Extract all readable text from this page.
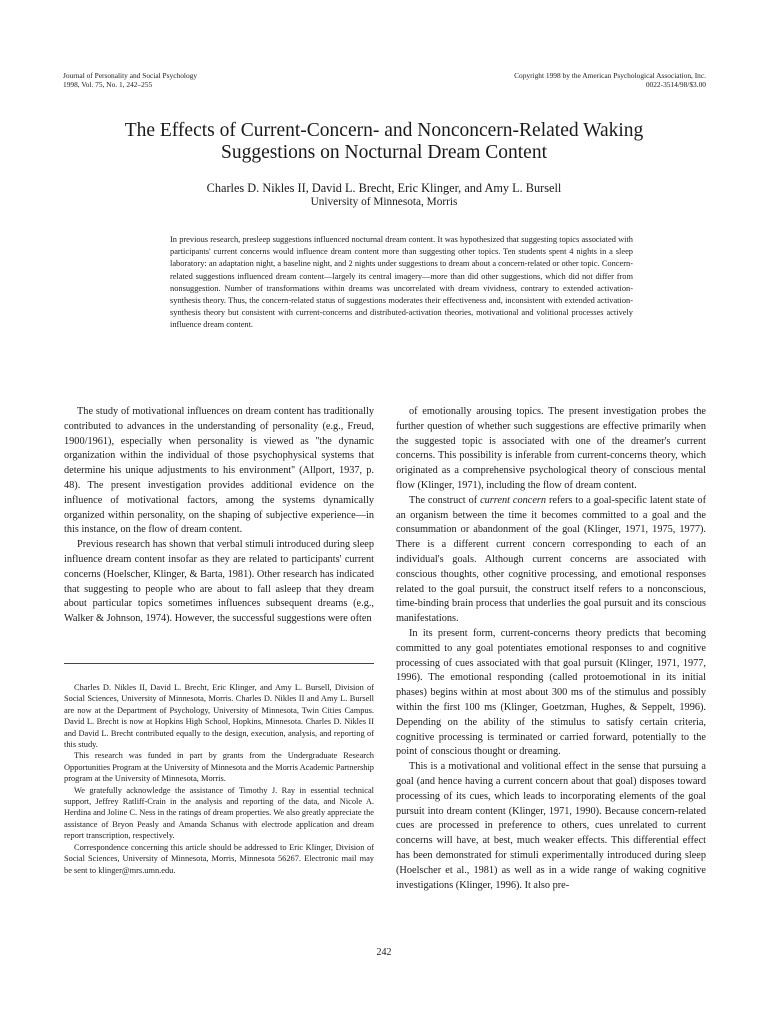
Journal of Personality and Social Psychology
1998, Vol. 75, No. 1, 242–255
Copyright 1998 by the American Psychological Association, Inc.
0022-3514/98/$3.00
The Effects of Current-Concern- and Nonconcern-Related Waking
Suggestions on Nocturnal Dream Content
Charles D. Nikles II, David L. Brecht, Eric Klinger, and Amy L. Bursell
University of Minnesota, Morris

In previous research, presleep suggestions influenced nocturnal dream content. It was hypothesized that suggesting topics associated with participants' current concerns would influence dream content more than suggesting other topics. Ten students spent 4 nights in a sleep laboratory: an adaptation night, a baseline night, and 2 nights under suggestions to dream about a concern-related or other topic. Concern-related suggestions influenced dream content—largely its central imagery—more than did other suggestions, which did not differ from nonsuggestion. Number of transformations within dreams was uncorrelated with dream vividness, contrary to extended activation-synthesis theory. Thus, the concern-related status of suggestions moderates their effectiveness and, inconsistent with extended activation-synthesis theory but consistent with current-concerns and distributed-activation theories, motivational and volitional processes actively influence dream content.

The study of motivational influences on dream content has traditionally contributed to advances in the understanding of personality (e.g., Freud, 1900/1961), especially when personality is viewed as ''the dynamic organization within the individual of those psychophysical systems that determine his unique adjustments to his environment'' (Allport, 1937, p. 48). The present investigation provides additional evidence on the influence of motivational factors, among the systems dynamically organized within personality, on the shaping of subjective experience—in this instance, on the flow of dream content.

Previous research has shown that verbal stimuli introduced during sleep influence dream content insofar as they are related to participants' current concerns (Hoelscher, Klinger, & Barta, 1981). Other research has indicated that suggesting to people who are about to fall asleep that they dream about particular topics sometimes influences subsequent dreams (e.g., Walker & Johnson, 1974). However, the successful suggestions were often

Charles D. Nikles II, David L. Brecht, Eric Klinger, and Amy L. Bursell, Division of Social Sciences, University of Minnesota, Morris. Charles D. Nikles II and Amy L. Bursell are now at the Department of Psychology, University of Minnesota, Twin Cities Campus. David L. Brecht is now at Hopkins High School, Hopkins, Minnesota. Charles D. Nikles II and David L. Brecht contributed equally to the design, execution, analysis, and reporting of this study.

This research was funded in part by grants from the Undergraduate Research Opportunities Program at the University of Minnesota and the Morris Academic Partnership program at the University of Minnesota, Morris.

We gratefully acknowledge the assistance of Timothy J. Ray in essential technical support, Jeffrey Ratliff-Crain in the analysis and reporting of the data, and Nicole A. Herdina and Joline C. Ness in the ratings of dream properties. We also greatly appreciate the assistance of Bryon Peasly and Amanda Schanus with electrode application and dream report transcription, respectively.

Correspondence concerning this article should be addressed to Eric Klinger, Division of Social Sciences, University of Minnesota, Morris, Minnesota 56267. Electronic mail may be sent to klinger@mrs.umn.edu.

of emotionally arousing topics. The present investigation probes the further question of whether such suggestions are effective primarily when the suggested topic is associated with one of the dreamer's current concerns. This possibility is inferable from current-concerns theory, which originated as a comprehensive psychological theory of conscious mental flow (Klinger, 1971), including the flow of dream content.

The construct of current concern refers to a goal-specific latent state of an organism between the time it becomes committed to a goal and the consummation or abandonment of the goal (Klinger, 1971, 1975, 1977). There is a different current concern corresponding to each of an individual's goals. Although current concerns are associated with conscious thoughts, other cognitive processing, and emotional responses related to the goal pursuit, the construct itself refers to a nonconscious, time-binding brain process that underlies the goal pursuit and its conscious manifestations.

In its present form, current-concerns theory predicts that becoming committed to any goal potentiates emotional responses to and cognitive processing of cues associated with that goal pursuit (Klinger, 1971, 1977, 1996). The emotional responding (called protoemotional in its initial phases) begins within at most about 300 ms of the stimulus and possibly within the first 100 ms (Klinger, Goetzman, Hughes, & Seppelt, 1996). Depending on the ability of the stimulus to satisfy certain criteria, cognitive processing is terminated or carried forward, potentially to the point of conscious thought or dreaming.

This is a motivational and volitional effect in the sense that pursuing a goal (and hence having a current concern about that goal) disposes toward processing of its cues, which leads to incorporating elements of the goal pursuit into dream content (Klinger, 1971, 1990). Because concern-related cues are processed in preference to others, cues unrelated to current concerns will have, at best, much weaker effects. This differential effect has been demonstrated for stimuli experimentally introduced during sleep (Hoelscher et al., 1981) as well as in a wide range of waking cognitive investigations (Klinger, 1996). It also pre-

242
